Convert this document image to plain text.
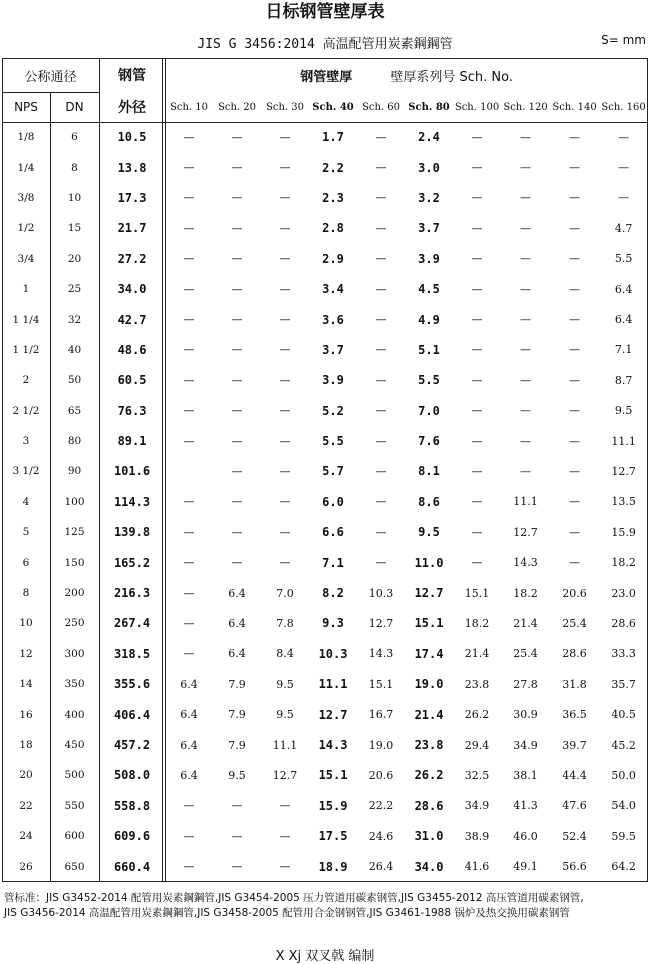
日标钢管壁厚表
JIS G 3456:2014 高温配管用炭素鋼鋼管	S= mm
公称通径		钢管	钢管壁厚 壁厚系列号 Sch. No.									
NPS	DN	外径	Sch. 10	Sch. 20	Sch. 30	Sch. 40	Sch. 60	Sch. 80	Sch. 100	Sch. 120	Sch. 140	Sch. 160
1/8	6	10.5	—	—	—	1.7	—	2.4	—	—	—	—
1/4	8	13.8	—	—	—	2.2	—	3.0	—	—	—	—
3/8	10	17.3	—	—	—	2.3	—	3.2	—	—	—	—
1/2	15	21.7	—	—	—	2.8	—	3.7	—	—	—	4.7
3/4	20	27.2	—	—	—	2.9	—	3.9	—	—	—	5.5
1	25	34.0	—	—	—	3.4	—	4.5	—	—	—	6.4
1 1/4	32	42.7	—	—	—	3.6	—	4.9	—	—	—	6.4
1 1/2	40	48.6	—	—	—	3.7	—	5.1	—	—	—	7.1
2	50	60.5	—	—	—	3.9	—	5.5	—	—	—	8.7
2 1/2	65	76.3	—	—	—	5.2	—	7.0	—	—	—	9.5
3	80	89.1	—	—	—	5.5	—	7.6	—	—	—	11.1
3 1/2	90	101.6		—	—	5.7	—	8.1	—	—	—	12.7
4	100	114.3	—	—	—	6.0	—	8.6	—	11.1	—	13.5
5	125	139.8	—	—	—	6.6	—	9.5	—	12.7	—	15.9
6	150	165.2	—	—	—	7.1	—	11.0	—	14.3	—	18.2
8	200	216.3	—	6.4	7.0	8.2	10.3	12.7	15.1	18.2	20.6	23.0
10	250	267.4	—	6.4	7.8	9.3	12.7	15.1	18.2	21.4	25.4	28.6
12	300	318.5	—	6.4	8.4	10.3	14.3	17.4	21.4	25.4	28.6	33.3
14	350	355.6	6.4	7.9	9.5	11.1	15.1	19.0	23.8	27.8	31.8	35.7
16	400	406.4	6.4	7.9	9.5	12.7	16.7	21.4	26.2	30.9	36.5	40.5
18	450	457.2	6.4	7.9	11.1	14.3	19.0	23.8	29.4	34.9	39.7	45.2
20	500	508.0	6.4	9.5	12.7	15.1	20.6	26.2	32.5	38.1	44.4	50.0
22	550	558.8	—	—	—	15.9	22.2	28.6	34.9	41.3	47.6	54.0
24	600	609.6	—	—	—	17.5	24.6	31.0	38.9	46.0	52.4	59.5
26	650	660.4	—	—	—	18.9	26.4	34.0	41.6	49.1	56.6	64.2
管标准：JIS G3452-2014 配管用炭素鋼鋼管,JIS G3454-2005 压力管道用碳素钢管,JIS G3455-2012 高压管道用碳素钢管,
JIS G3456-2014 高温配管用炭素鋼鋼管,JIS G3458-2005 配管用合金钢钢管,JIS G3461-1988 锅炉及热交换用碳素钢管
X Xj 双叉戟 编制
